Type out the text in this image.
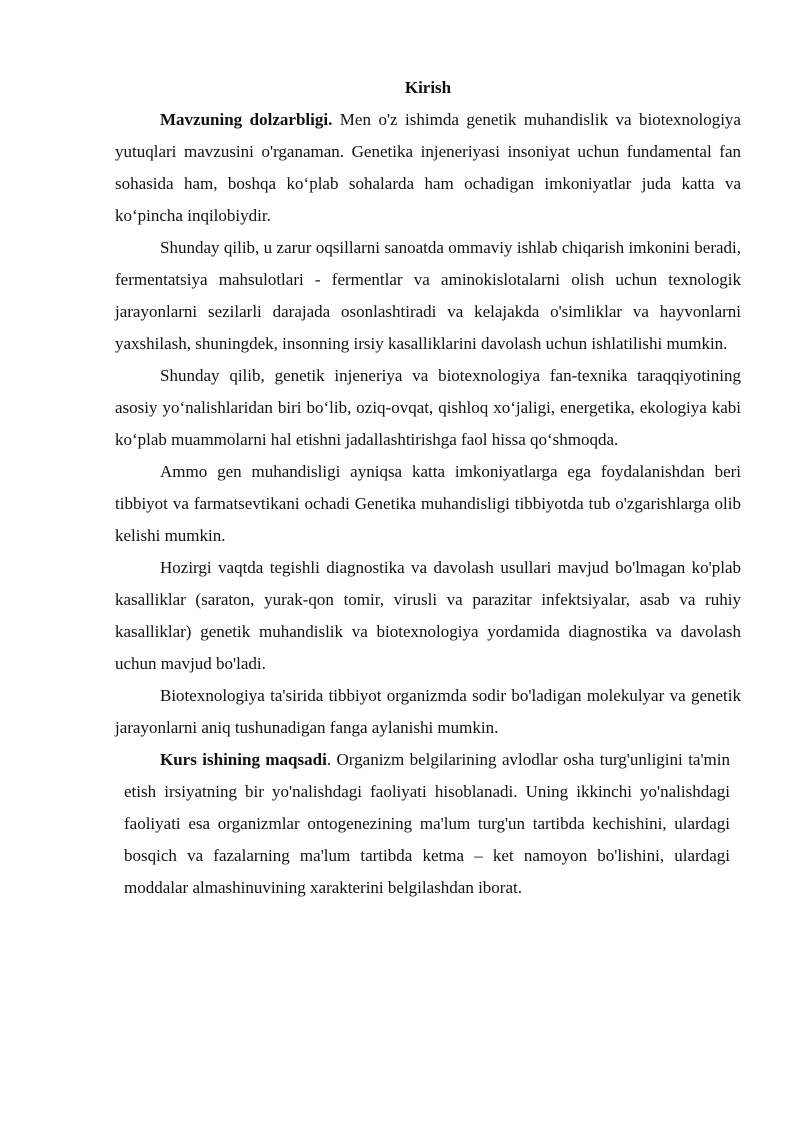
Kirish

Mavzuning dolzarbligi. Men o'z ishimda genetik muhandislik va biotexnologiya yutuqlari mavzusini o'rganaman. Genetika injeneriyasi insoniyat uchun fundamental fan sohasida ham, boshqa koʻplab sohalarda ham ochadigan imkoniyatlar juda katta va koʻpincha inqilobiydir.

Shunday qilib, u zarur oqsillarni sanoatda ommaviy ishlab chiqarish imkonini beradi, fermentatsiya mahsulotlari - fermentlar va aminokislotalarni olish uchun texnologik jarayonlarni sezilarli darajada osonlashtiradi va kelajakda o'simliklar va hayvonlarni yaxshilash, shuningdek, insonning irsiy kasalliklarini davolash uchun ishlatilishi mumkin.

Shunday qilib, genetik injeneriya va biotexnologiya fan-texnika taraqqiyotining asosiy yoʻnalishlaridan biri boʻlib, oziq-ovqat, qishloq xoʻjaligi, energetika, ekologiya kabi koʻplab muammolarni hal etishni jadallashtirishga faol hissa qoʻshmoqda.

Ammo gen muhandisligi ayniqsa katta imkoniyatlarga ega foydalanishdan beri tibbiyot va farmatsevtikani ochadi Genetika muhandisligi tibbiyotda tub o'zgarishlarga olib kelishi mumkin.

Hozirgi vaqtda tegishli diagnostika va davolash usullari mavjud bo'lmagan ko'plab kasalliklar (saraton, yurak-qon tomir, virusli va parazitar infektsiyalar, asab va ruhiy kasalliklar) genetik muhandislik va biotexnologiya yordamida diagnostika va davolash uchun mavjud bo'ladi.

Biotexnologiya ta'sirida tibbiyot organizmda sodir bo'ladigan molekulyar va genetik jarayonlarni aniq tushunadigan fanga aylanishi mumkin.

Kurs ishining maqsadi. Organizm belgilarining avlodlar osha turg'unligini ta'min etish irsiyatning bir yo'nalishdagi faoliyati hisoblanadi. Uning ikkinchi yo'nalishdagi faoliyati esa organizmlar ontogenezining ma'lum turg'un tartibda kechishini, ulardagi bosqich va fazalarning ma'lum tartibda ketma – ket namoyon bo'lishini, ulardagi moddalar almashinuvining xarakterini belgilashdan iborat.
